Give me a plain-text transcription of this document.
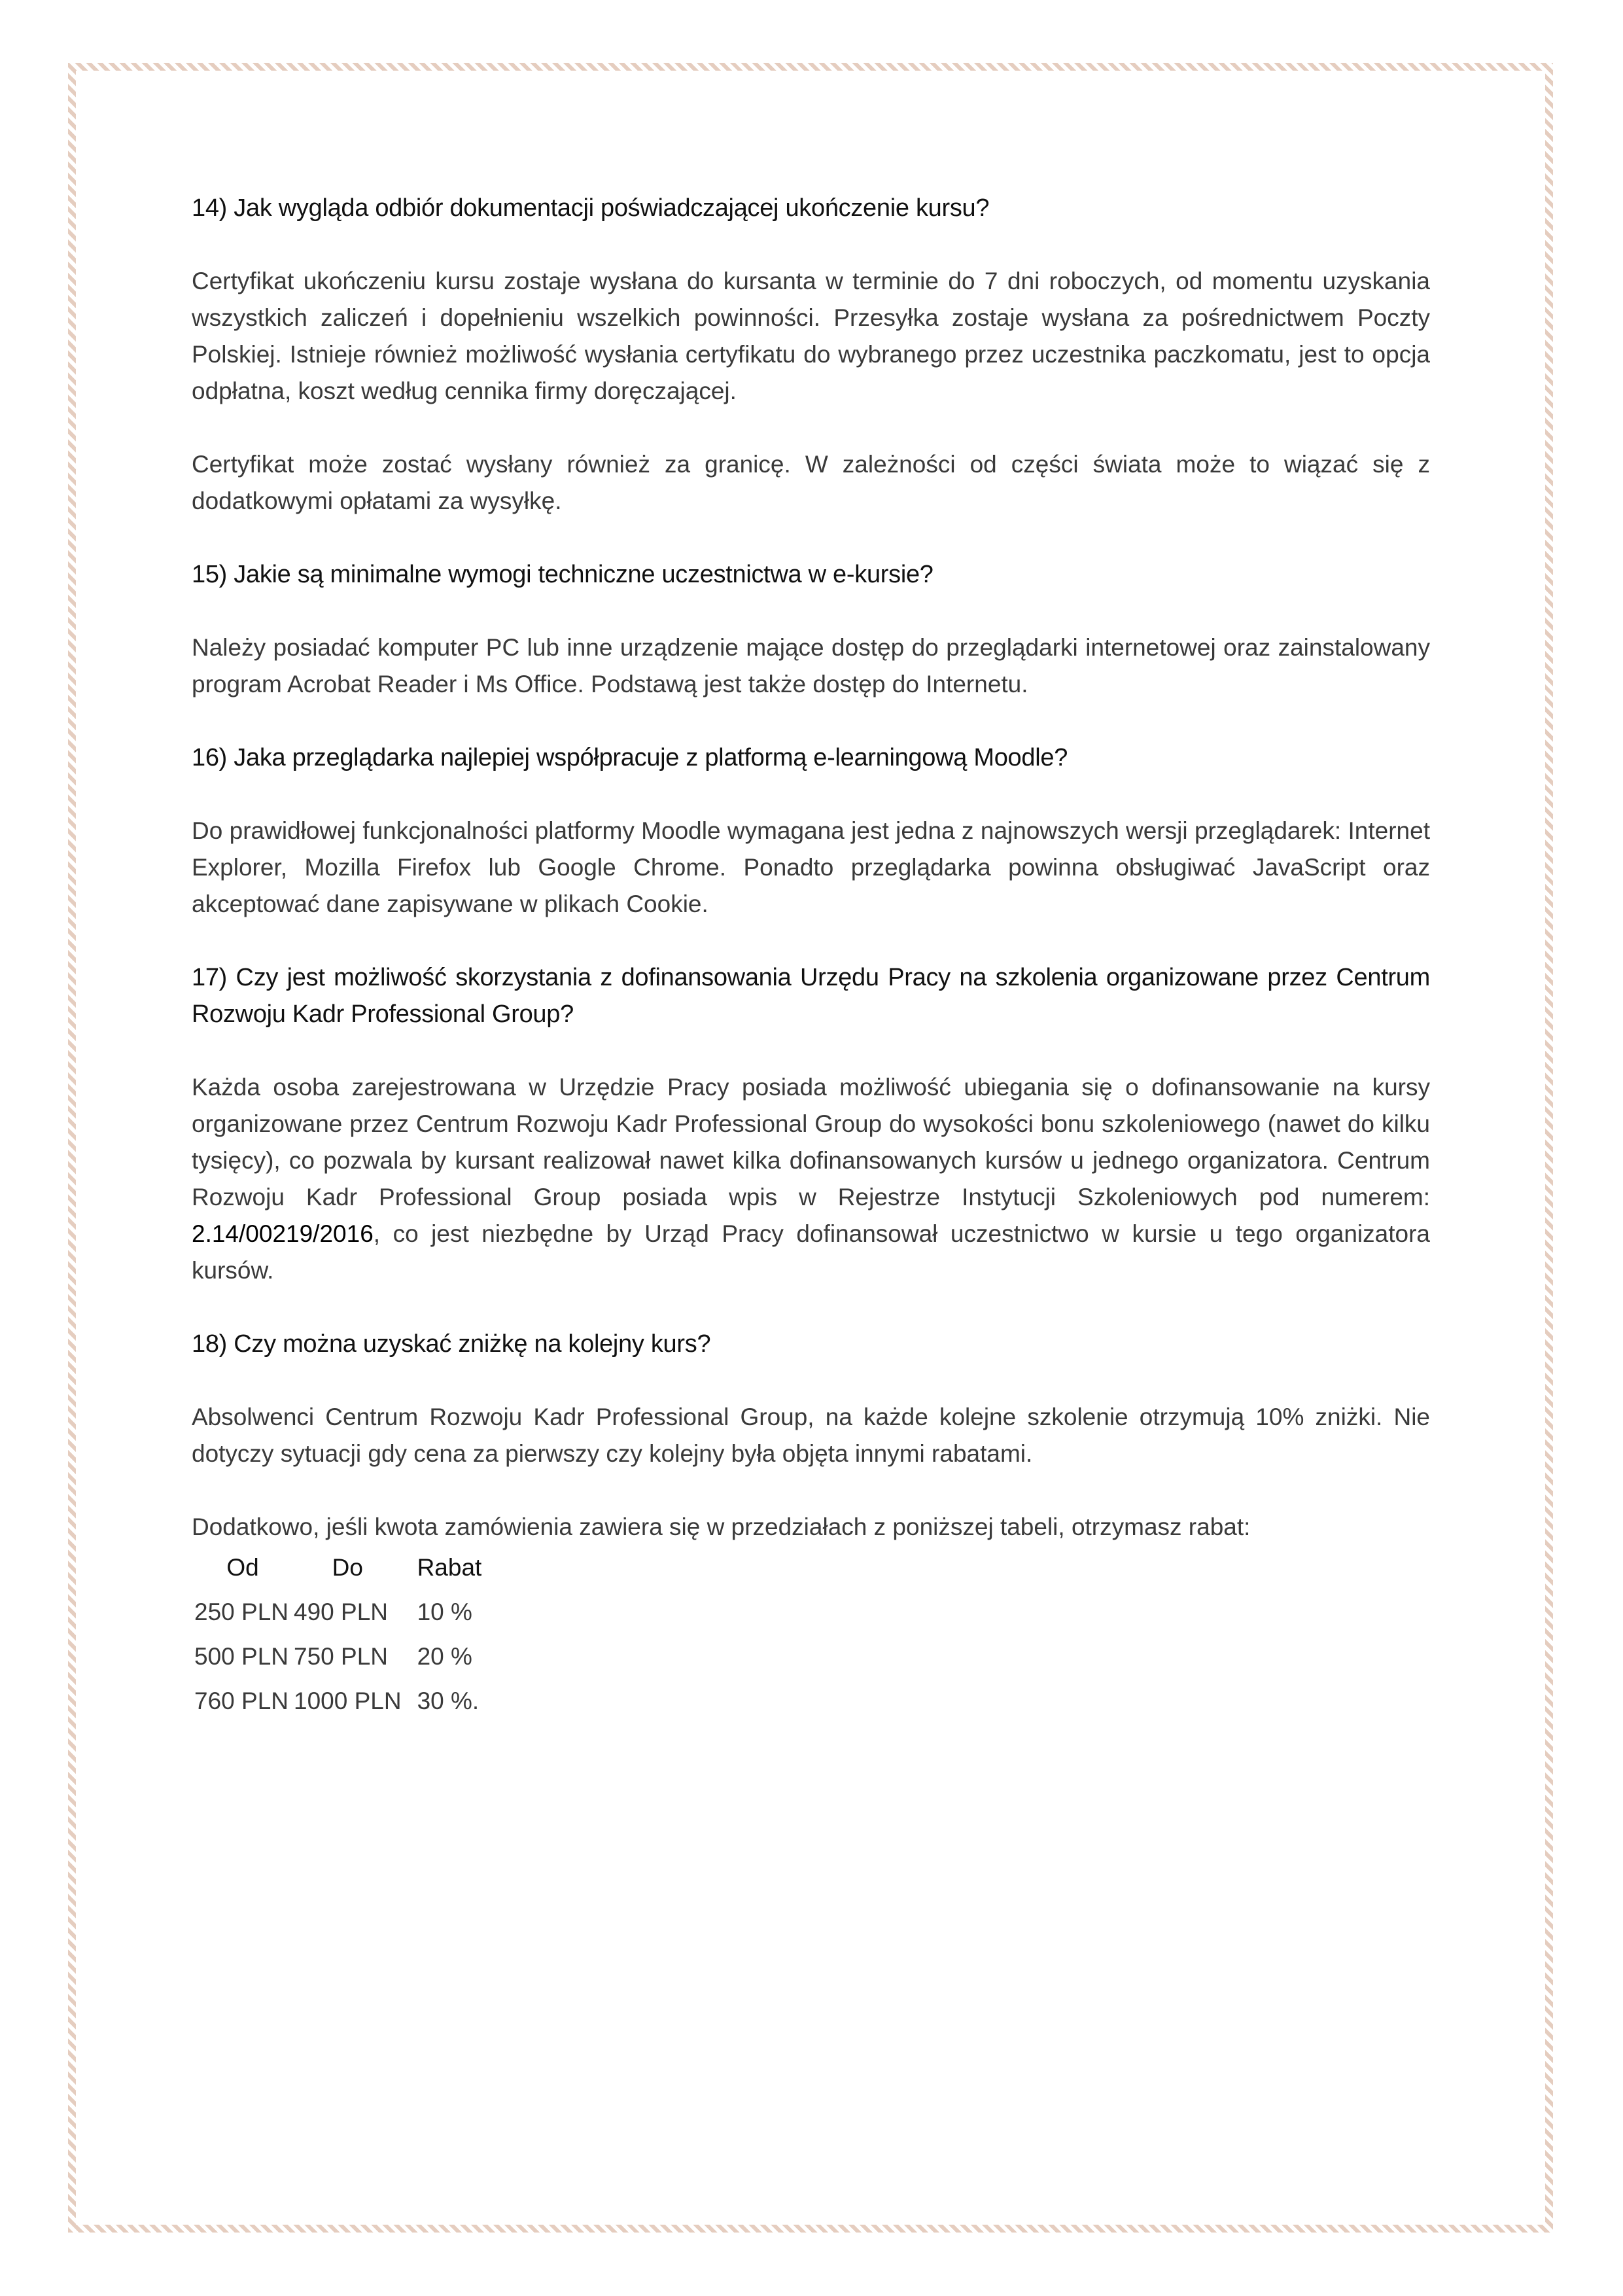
14) Jak wygląda odbiór dokumentacji poświadczającej ukończenie kursu?

Certyfikat ukończeniu kursu zostaje wysłana do kursanta w terminie do 7 dni roboczych, od momentu uzyskania wszystkich zaliczeń i dopełnieniu wszelkich powinności. Przesyłka zostaje wysłana za pośrednictwem Poczty Polskiej. Istnieje również możliwość wysłania certyfikatu do wybranego przez uczestnika paczkomatu, jest to opcja odpłatna, koszt według cennika firmy doręczającej.

Certyfikat może zostać wysłany również za granicę. W zależności od części świata może to wiązać się z dodatkowymi opłatami za wysyłkę.

15) Jakie są minimalne wymogi techniczne uczestnictwa w e-kursie?

Należy posiadać komputer PC lub inne urządzenie mające dostęp do przeglądarki internetowej oraz zainstalowany program Acrobat Reader i Ms Office. Podstawą jest także dostęp do Internetu.

16) Jaka przeglądarka najlepiej współpracuje z platformą e-learningową Moodle?

Do prawidłowej funkcjonalności platformy Moodle wymagana jest jedna z najnowszych wersji przeglądarek: Internet Explorer, Mozilla Firefox lub Google Chrome. Ponadto przeglądarka powinna obsługiwać JavaScript oraz akceptować dane zapisywane w plikach Cookie.

17) Czy jest możliwość skorzystania z dofinansowania Urzędu Pracy na szkolenia organizowane przez Centrum Rozwoju Kadr Professional Group?

Każda osoba zarejestrowana w Urzędzie Pracy posiada możliwość ubiegania się o dofinansowanie na kursy organizowane przez Centrum Rozwoju Kadr Professional Group do wysokości bonu szkoleniowego (nawet do kilku tysięcy), co pozwala by kursant realizował nawet kilka dofinansowanych kursów u jednego organizatora. Centrum Rozwoju Kadr Professional Group posiada wpis w Rejestrze Instytucji Szkoleniowych pod numerem: 2.14/00219/2016, co jest niezbędne by Urząd Pracy dofinansował uczestnictwo w kursie u tego organizatora kursów.

18) Czy można uzyskać zniżkę na kolejny kurs?

Absolwenci Centrum Rozwoju Kadr Professional Group, na każde kolejne szkolenie otrzymują 10% zniżki. Nie dotyczy sytuacji gdy cena za pierwszy czy kolejny była objęta innymi rabatami.

Dodatkowo, jeśli kwota zamówienia zawiera się w przedziałach z poniższej tabeli, otrzymasz rabat:

Od	Do	Rabat
250 PLN	490 PLN	10 %
500 PLN	750 PLN	20 %
760 PLN	1000 PLN	30 %.
